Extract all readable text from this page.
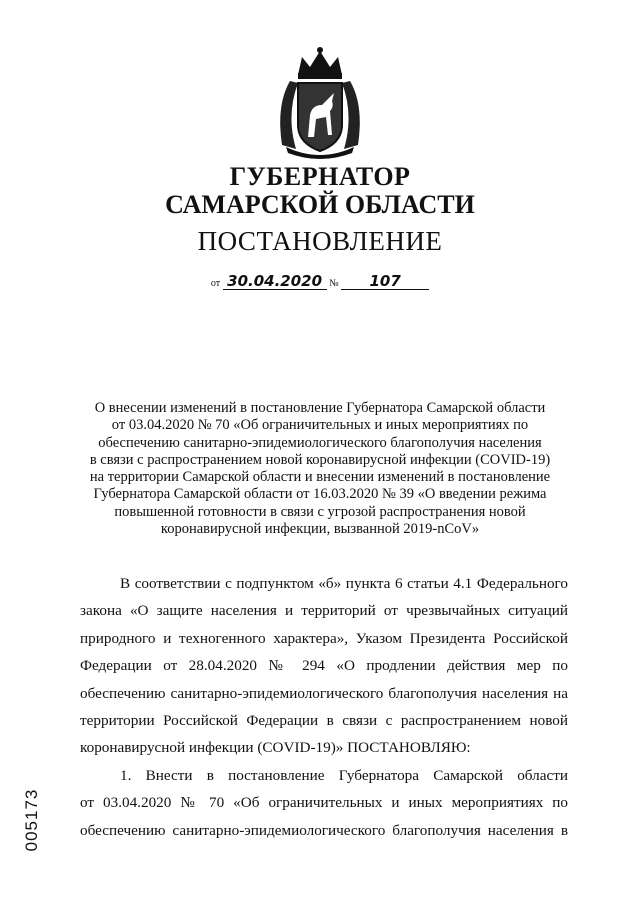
ГУБЕРНАТОР
САМАРСКОЙ ОБЛАСТИ
ПОСТАНОВЛЕНИЕ
от 30.04.2020 № 107
О внесении изменений в постановление Губернатора Самарской области
от 03.04.2020 № 70 «Об ограничительных и иных мероприятиях по
обеспечению санитарно-эпидемиологического благополучия населения
в связи с распространением новой коронавирусной инфекции (COVID-19)
на территории Самарской области и внесении изменений в постановление
Губернатора Самарской области от 16.03.2020 № 39 «О введении режима
повышенной готовности в связи с угрозой распространения новой
коронавирусной инфекции, вызванной 2019-nCoV»
В соответствии с подпунктом «б» пункта 6 статьи 4.1 Федерального
закона «О защите населения и территорий от чрезвычайных ситуаций
природного и техногенного характера», Указом Президента Российской
Федерации от 28.04.2020 № 294 «О продлении действия мер по
обеспечению санитарно-эпидемиологического благополучия населения на
территории Российской Федерации в связи с распространением новой
коронавирусной инфекции (COVID-19)» ПОСТАНОВЛЯЮ:
1. Внести в постановление Губернатора Самарской области
от 03.04.2020 № 70 «Об ограничительных и иных мероприятиях по
обеспечению санитарно-эпидемиологического благополучия населения в
005173
